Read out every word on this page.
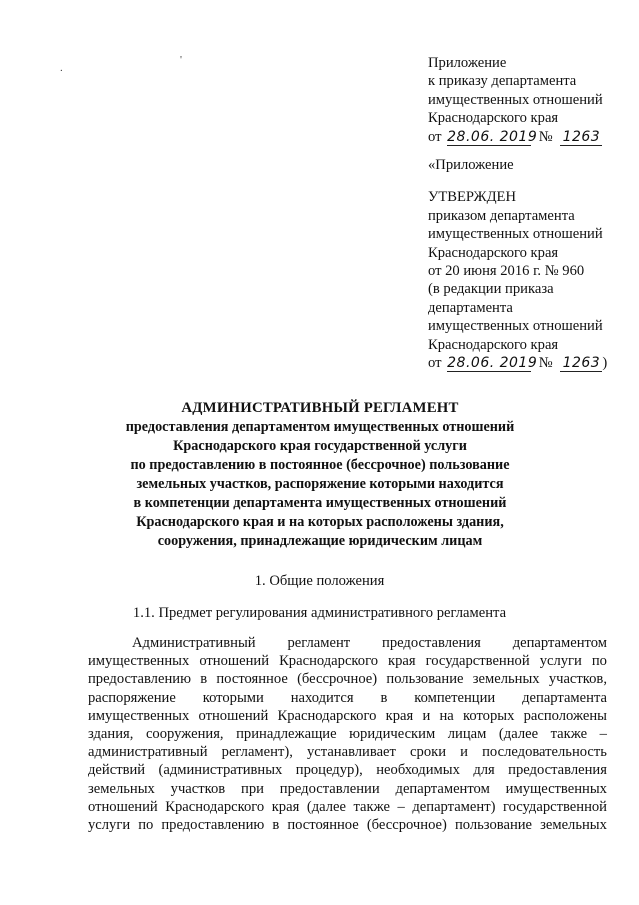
.
'	Приложение
к приказу департамента
имущественных отношений
Краснодарского края
от 28.06. 2019 № 1263
«Приложение
УТВЕРЖДЕН
приказом департамента
имущественных отношений
Краснодарского края
от 20 июня 2016 г. № 960
(в редакции приказа
департамента
имущественных отношений
Краснодарского края
от 28.06. 2019 № 1263 )
АДМИНИСТРАТИВНЫЙ РЕГЛАМЕНТ
предоставления департаментом имущественных отношений
Краснодарского края государственной услуги
по предоставлению в постоянное (бессрочное) пользование
земельных участков, распоряжение которыми находится
в компетенции департамента имущественных отношений
Краснодарского края и на которых расположены здания,
сооружения, принадлежащие юридическим лицам
1. Общие положения
1.1. Предмет регулирования административного регламента
Административный регламент предоставления департаментом
имущественных отношений Краснодарского края государственной услуги по
предоставлению в постоянное (бессрочное) пользование земельных участков,
распоряжение которыми находится в компетенции департамента
имущественных отношений Краснодарского края и на которых расположены
здания, сооружения, принадлежащие юридическим лицам (далее также –
административный регламент), устанавливает сроки и последовательность
действий (административных процедур), необходимых для предоставления
земельных участков при предоставлении департаментом имущественных
отношений Краснодарского края (далее также – департамент) государственной
услуги по предоставлению в постоянное (бессрочное) пользование земельных
